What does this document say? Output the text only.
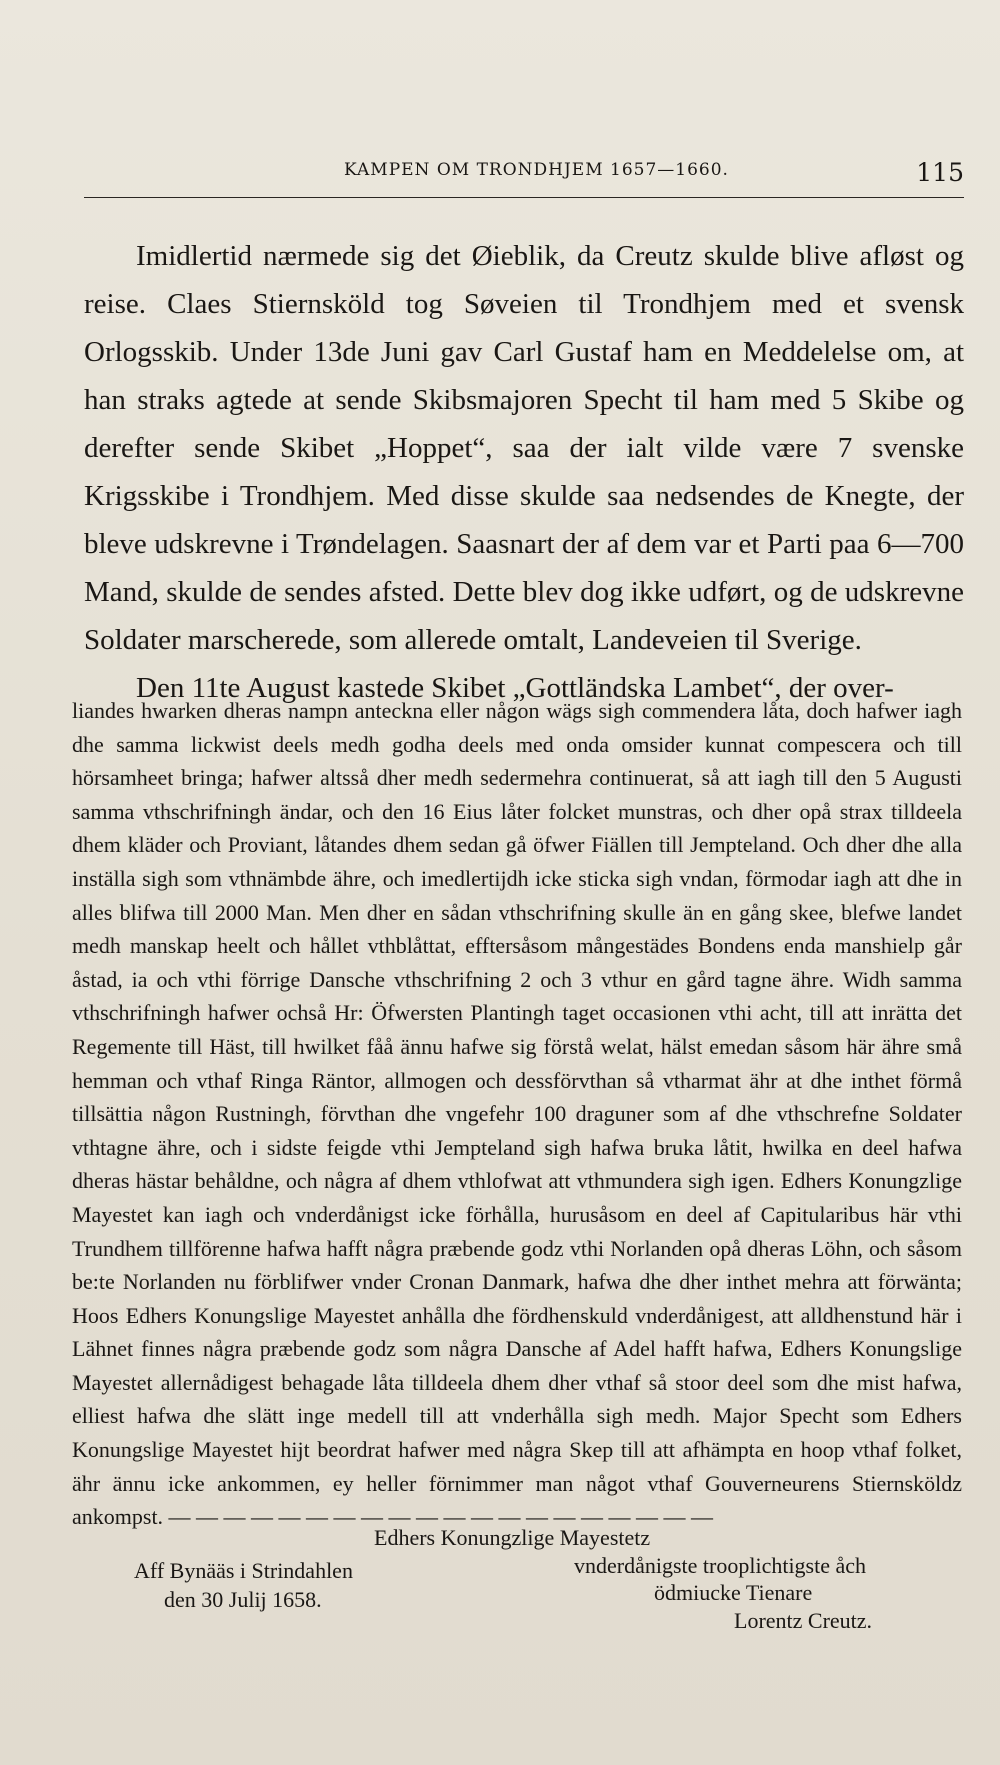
KAMPEN OM TRONDHJEM 1657—1660.	115

Imidlertid nærmede sig det Øieblik, da Creutz skulde blive afløst og reise. Claes Stiernsköld tog Søveien til Trondhjem med et svensk Orlogsskib. Under 13de Juni gav Carl Gustaf ham en Meddelelse om, at han straks agtede at sende Skibsmajoren Specht til ham med 5 Skibe og derefter sende Skibet „Hoppet“, saa der ialt vilde være 7 svenske Krigsskibe i Trondhjem. Med disse skulde saa nedsendes de Knegte, der bleve udskrevne i Trøndelagen. Saasnart der af dem var et Parti paa 6—700 Mand, skulde de sendes afsted. Dette blev dog ikke udført, og de udskrevne Soldater marscherede, som allerede omtalt, Landeveien til Sverige.

Den 11te August kastede Skibet „Gottländska Lambet“, der over-

liandes hwarken dheras nampn anteckna eller någon wägs sigh commendera låta, doch hafwer iagh dhe samma lickwist deels medh godha deels med onda omsider kunnat compescera och till hörsamheet bringa; hafwer altsså dher medh sedermehra continuerat, så att iagh till den 5 Augusti samma vthschrifningh ändar, och den 16 Eius låter folcket munstras, och dher opå strax tilldeela dhem kläder och Proviant, låtandes dhem sedan gå öfwer Fiällen till Jempteland. Och dher dhe alla inställa sigh som vthnämbde ähre, och imedlertijdh icke sticka sigh vndan, förmodar iagh att dhe in alles blifwa till 2000 Man. Men dher en sådan vthschrifning skulle än en gång skee, blefwe landet medh manskap heelt och hållet vthblåttat, efftersåsom mångestädes Bondens enda manshielp går åstad, ia och vthi förrige Dansche vthschrifning 2 och 3 vthur en gård tagne ähre. Widh samma vthschrifningh hafwer ochså Hr: Öfwersten Plantingh taget occasionen vthi acht, till att inrätta det Regemente till Häst, till hwilket fåå ännu hafwe sig förstå welat, hälst emedan såsom här ähre små hemman och vthaf Ringa Räntor, allmogen och dessförvthan så vtharmat ähr at dhe inthet förmå tillsättia någon Rustningh, förvthan dhe vngefehr 100 draguner som af dhe vthschrefne Soldater vthtagne ähre, och i sidste feigde vthi Jempteland sigh hafwa bruka låtit, hwilka en deel hafwa dheras hästar behåldne, och några af dhem vthlofwat att vthmundera sigh igen. Edhers Konungzlige Mayestet kan iagh och vnderdånigst icke förhålla, hurusåsom en deel af Capitularibus här vthi Trundhem tillförenne hafwa hafft några præbende godz vthi Norlanden opå dheras Löhn, och såsom be:te Norlanden nu förblifwer vnder Cronan Danmark, hafwa dhe dher inthet mehra att förwänta; Hoos Edhers Konungslige Mayestet anhålla dhe fördhenskuld vnderdånigest, att alldhenstund här i Lähnet finnes några præbende godz som några Dansche af Adel hafft hafwa, Edhers Konungslige Mayestet allernådigest behagade låta tilldeela dhem dher vthaf så stoor deel som dhe mist hafwa, elliest hafwa dhe slätt inge medell till att vnderhålla sigh medh. Major Specht som Edhers Konungslige Mayestet hijt beordrat hafwer med några Skep till att afhämpta en hoop vthaf folket, ähr ännu icke ankommen, ey heller förnimmer man något vthaf Gouverneurens Stiernsköldz ankompst. — — — — — — — — — — — — — — — — — — — —

Edhers Konungzlige Mayestetz
Aff Bynääs i Strindahlen
den 30 Julij 1658.
vnderdånigste trooplichtigste åch
ödmiucke Tienare
Lorentz Creutz.
